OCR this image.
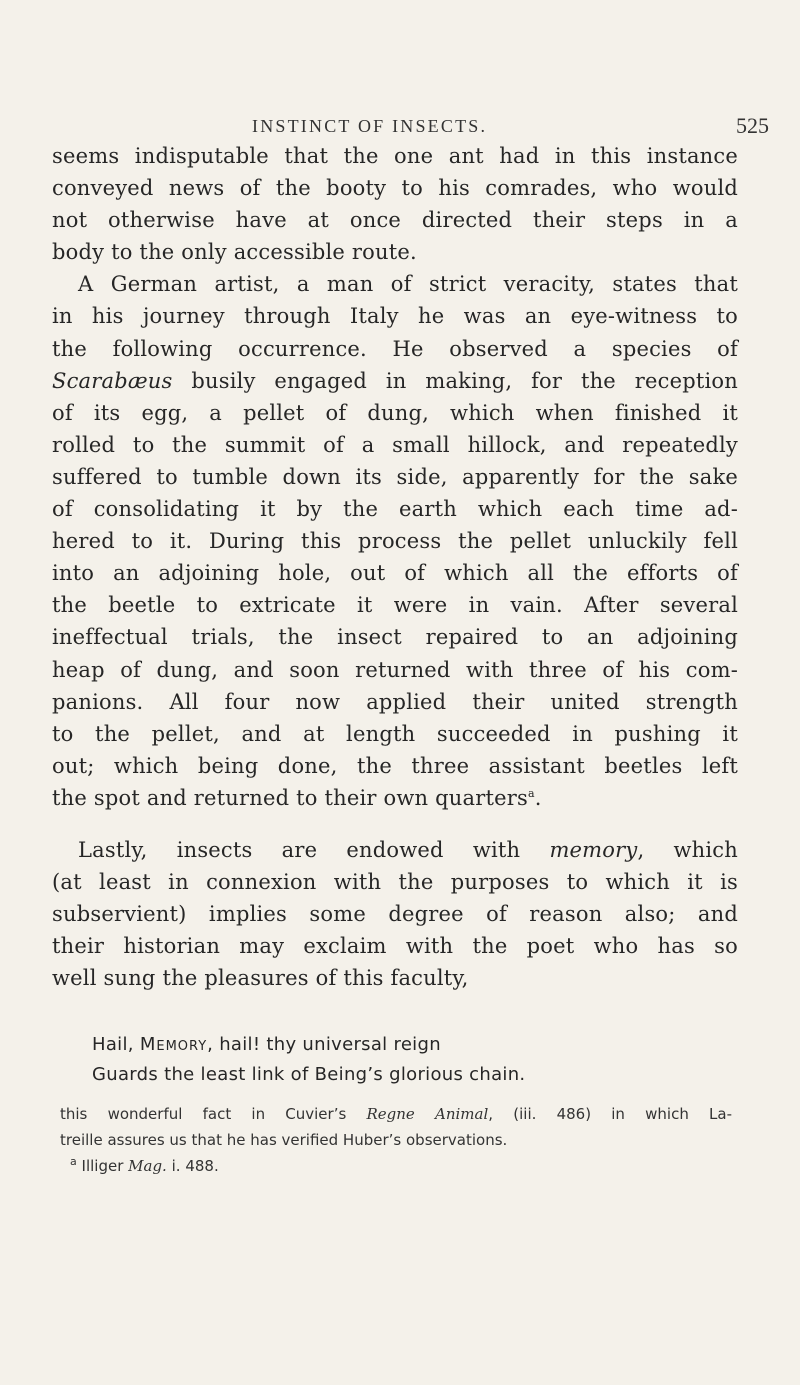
INSTINCT OF INSECTS.	525
seems indisputable that the one ant had in this instance
conveyed news of the booty to his comrades, who would
not otherwise have at once directed their steps in a
body to the only accessible route.
A German artist, a man of strict veracity, states that
in his journey through Italy he was an eye-witness to
the following occurrence. He observed a species of
Scarabæus busily engaged in making, for the reception
of its egg, a pellet of dung, which when finished it
rolled to the summit of a small hillock, and repeatedly
suffered to tumble down its side, apparently for the sake
of consolidating it by the earth which each time ad-
hered to it. During this process the pellet unluckily fell
into an adjoining hole, out of which all the efforts of
the beetle to extricate it were in vain. After several
ineffectual trials, the insect repaired to an adjoining
heap of dung, and soon returned with three of his com-
panions. All four now applied their united strength
to the pellet, and at length succeeded in pushing it
out; which being done, the three assistant beetles left
the spot and returned to their own quarters$^a$.
Lastly, insects are endowed with memory, which
(at least in connexion with the purposes to which it is
subservient) implies some degree of reason also; and
their historian may exclaim with the poet who has so
well sung the pleasures of this faculty,
Hail, Memory, hail! thy universal reign
Guards the least link of Being’s glorious chain.
this wonderful fact in Cuvier’s Regne Animal, (iii. 486) in which La-
treille assures us that he has verified Huber’s observations.
$^a$ Illiger Mag. i. 488.
